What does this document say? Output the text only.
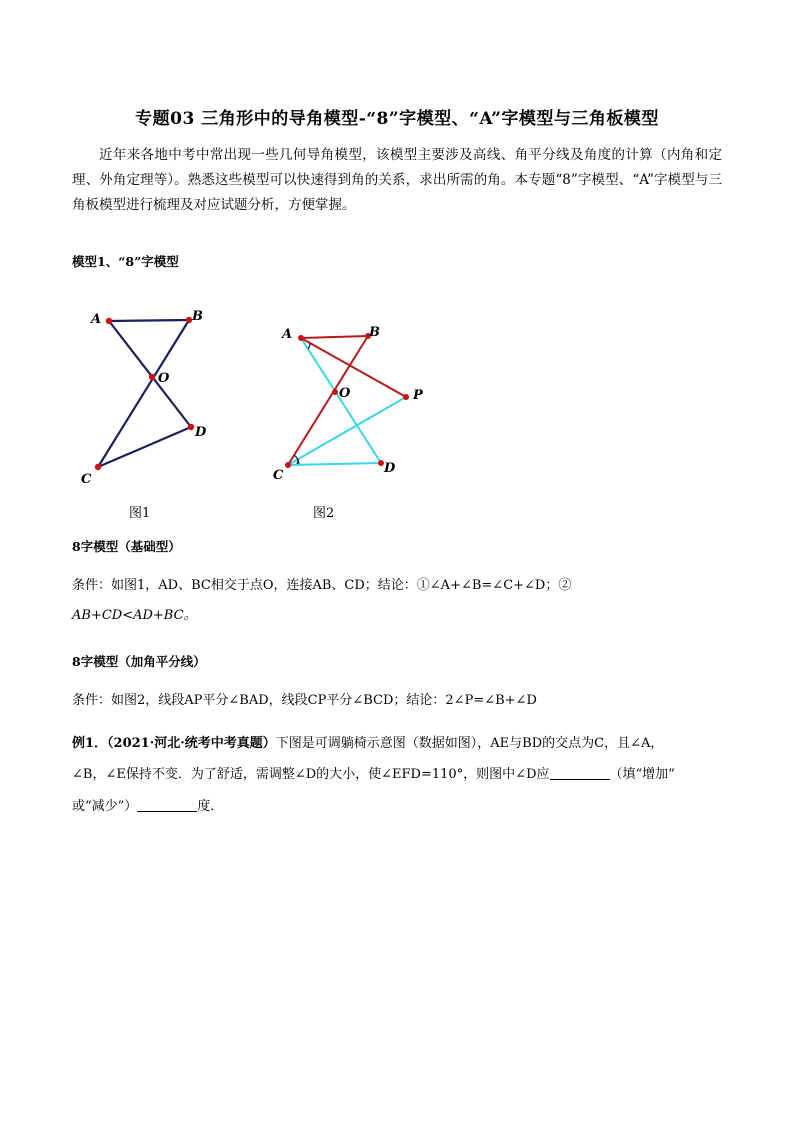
专题03 三角形中的导角模型-“8”字模型、“A”字模型与三角板模型
近年来各地中考中常出现一些几何导角模型，该模型主要涉及高线、角平分线及角度的计算（内角和定理、外角定理等）。熟悉这些模型可以快速得到角的关系，求出所需的角。本专题“8”字模型、“A”字模型与三角板模型进行梳理及对应试题分析，方便掌握。
模型1、“8”字模型
A	B
O
C
D
图1
A	B
O	P
C	D
图2
8字模型（基础型）
条件：如图1，AD、BC相交于点O，连接AB、CD；结论：①∠A+∠B=∠C+∠D；②
AB+CD<AD+BC。
8字模型（加角平分线）
条件：如图2，线段AP平分∠BAD，线段CP平分∠BCD；结论：2∠P=∠B+∠D
例1．（2021·河北·统考中考真题）下图是可调躺椅示意图（数据如图），AE与BD的交点为C，且∠A，
∠B，∠E保持不变．为了舒适，需调整∠D的大小，使∠EFD=110°，则图中∠D应	（填“增加”
或“减少”）	度．
